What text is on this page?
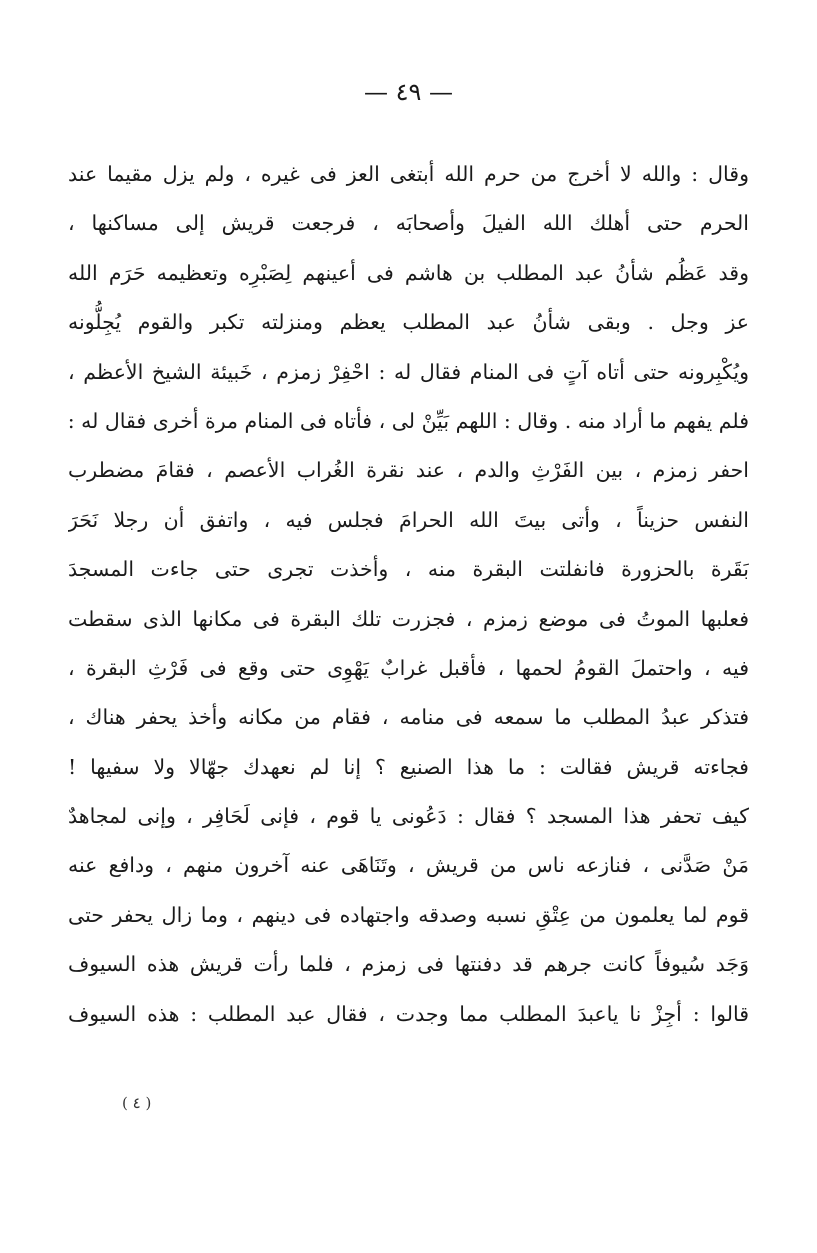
— ٤٩ —
وقال : والله لا أخرج من حرم الله أبتغى العز فى غيره ، ولم يزل مقيما عند
الحرم حتى أهلك الله الفيلَ وأصحابَه ، فرجعت قريش إلى مساكنها ،
وقد عَظُم شأنُ عبد المطلب بن هاشم فى أعينهم لِصَبْرِه وتعظيمه حَرَم الله
عز وجل . وبقى شأنُ عبد المطلب يعظم ومنزلته تكبر والقوم يُجِلُّونه
ويُكْبِرونه حتى أتاه آتٍ فى المنام فقال له : احْفِرْ زمزم ، خَبيئة الشيخ الأعظم ،
فلم يفهم ما أراد منه . وقال : اللهم بَيِّنْ لى ، فأتاه فى المنام مرة أخرى فقال له :
احفر زمزم ، بين الفَرْثِ والدم ، عند نقرة الغُراب الأعصم ، فقامَ مضطرب
النفس حزيناً ، وأتى بيتَ الله الحرامَ فجلس فيه ، واتفق أن رجلا نَحَرَ
بَقَرة بالحزورة فانفلتت البقرة منه ، وأخذت تجرى حتى جاءت المسجدَ
فعلبها الموتُ فى موضع زمزم ، فجزرت تلك البقرة فى مكانها الذى سقطت
فيه ، واحتملَ القومُ لحمها ، فأقبل غرابٌ يَهْوِى حتى وقع فى فَرْثِ البقرة ،
فتذكر عبدُ المطلب ما سمعه فى منامه ، فقام من مكانه وأخذ يحفر هناك ،
فجاءته قريش فقالت : ما هذا الصنيع ؟ إنا لم نعهدك جهّالا ولا سفيها !
كيف تحفر هذا المسجد ؟ فقال : دَعُونى يا قوم ، فإنى لَحَافِر ، وإنى لمجاهدٌ
مَنْ صَدَّنى ، فنازعه ناس من قريش ، وتَنَاهَى عنه آخرون منهم ، ودافع عنه
قوم لما يعلمون من عِتْقِ نسبه وصدقه واجتهاده فى دينهم ، وما زال يحفر حتى
وَجَد سُيوفاً كانت جرهم قد دفنتها فى زمزم ، فلما رأت قريش هذه السيوف
قالوا : أجِزْ نا ياعبدَ المطلب مما وجدت ، فقال عبد المطلب : هذه السيوف
( ٤ )
